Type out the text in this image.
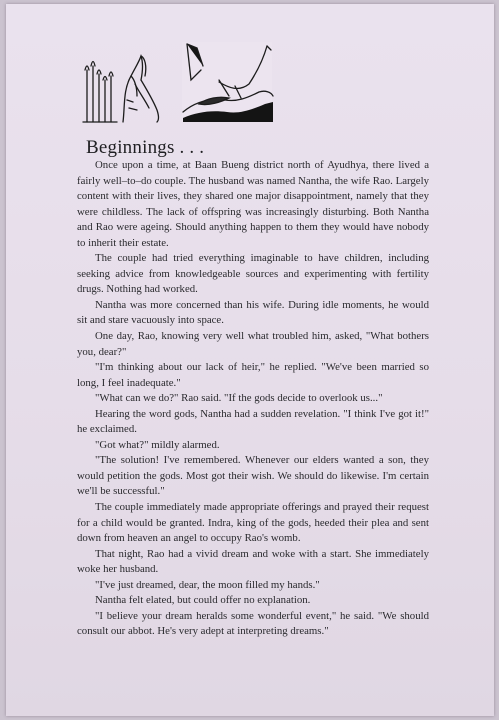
Beginnings . . .

Once upon a time, at Baan Bueng district north of Ayudhya, there lived a fairly well–to–do couple. The husband was named Nantha, the wife Rao. Largely content with their lives, they shared one major disappointment, namely that they were childless. The lack of offspring was increasingly disturbing. Both Nantha and Rao were ageing. Should anything happen to them they would have nobody to inherit their estate.

The couple had tried everything imaginable to have children, including seeking advice from knowledgeable sources and experimenting with fertility drugs. Nothing had worked.

Nantha was more concerned than his wife. During idle moments, he would sit and stare vacuously into space.

One day, Rao, knowing very well what troubled him, asked, "What bothers you, dear?"

"I'm thinking about our lack of heir," he replied. "We've been married so long, I feel inadequate."

"What can we do?" Rao said. "If the gods decide to overlook us..."

Hearing the word gods, Nantha had a sudden revelation. "I think I've got it!" he exclaimed.

"Got what?" mildly alarmed.

"The solution! I've remembered. Whenever our elders wanted a son, they would petition the gods. Most got their wish. We should do likewise. I'm certain we'll be successful."

The couple immediately made appropriate offerings and prayed their request for a child would be granted. Indra, king of the gods, heeded their plea and sent down from heaven an angel to occupy Rao's womb.

That night, Rao had a vivid dream and woke with a start. She immediately woke her husband.

"I've just dreamed, dear, the moon filled my hands."

Nantha felt elated, but could offer no explanation.

"I believe your dream heralds some wonderful event," he said. "We should consult our abbot. He's very adept at interpreting dreams."
